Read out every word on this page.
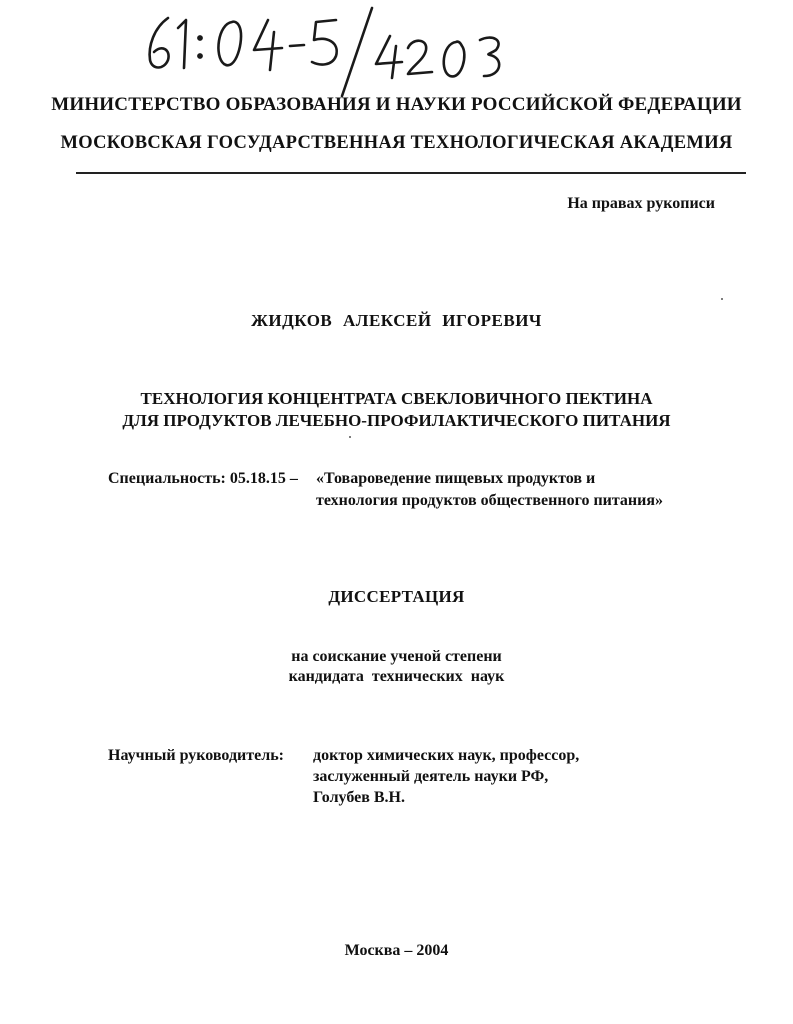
МИНИСТЕРСТВО ОБРАЗОВАНИЯ И НАУКИ РОССИЙСКОЙ ФЕДЕРАЦИИ
МОСКОВСКАЯ ГОСУДАРСТВЕННАЯ ТЕХНОЛОГИЧЕСКАЯ АКАДЕМИЯ
На правах рукописи
ЖИДКОВ АЛЕКСЕЙ ИГОРЕВИЧ
ТЕХНОЛОГИЯ КОНЦЕНТРАТА СВЕКЛОВИЧНОГО ПЕКТИНА
ДЛЯ ПРОДУКТОВ ЛЕЧЕБНО-ПРОФИЛАКТИЧЕСКОГО ПИТАНИЯ
Специальность: 05.18.15 – «Товароведение пищевых продуктов и
технология продуктов общественного питания»
ДИССЕРТАЦИЯ
на соискание ученой степени
кандидата технических наук
Научный руководитель: доктор химических наук, профессор,
заслуженный деятель науки РФ,
Голубев В.Н.
Москва – 2004
